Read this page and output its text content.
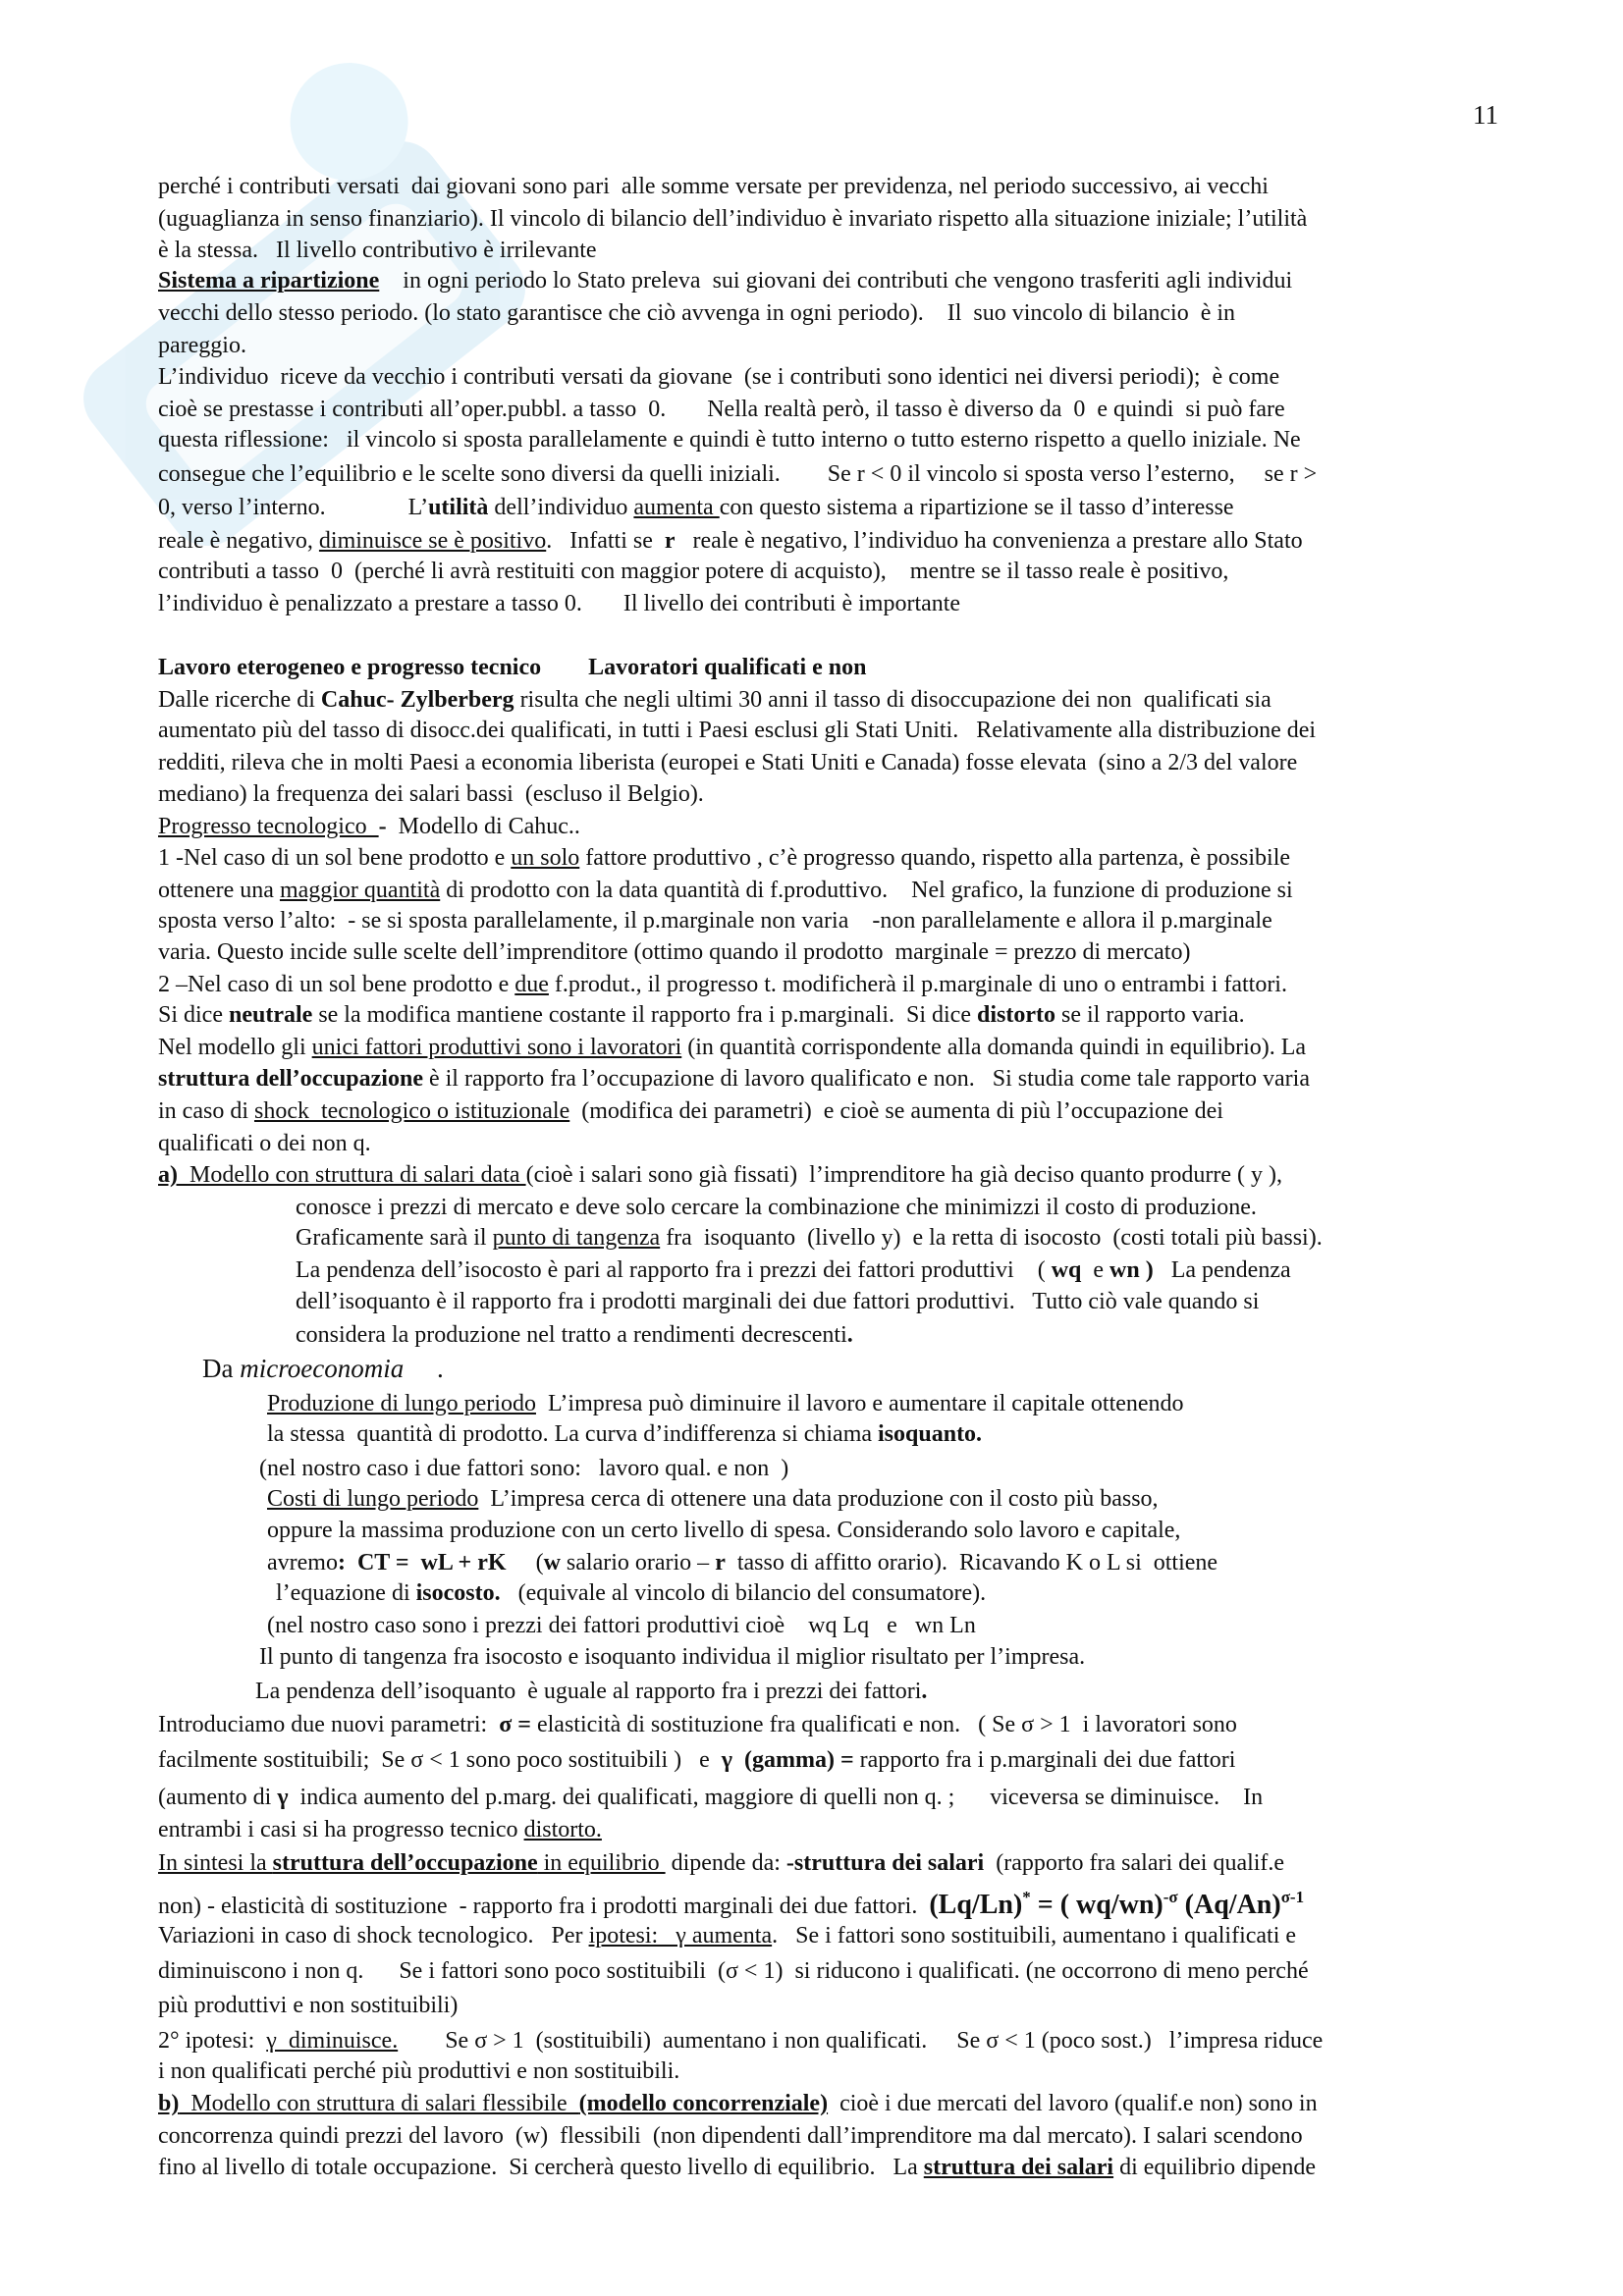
11
perché i contributi versati  dai giovani sono pari  alle somme versate per previdenza, nel periodo successivo, ai vecchi
(uguaglianza in senso finanziario). Il vincolo di bilancio dell’individuo è invariato rispetto alla situazione iniziale; l’utilità
è la stessa.   Il livello contributivo è irrilevante
Sistema a ripartizione    in ogni periodo lo Stato preleva  sui giovani dei contributi che vengono trasferiti agli individui
vecchi dello stesso periodo. (lo stato garantisce che ciò avvenga in ogni periodo).    Il  suo vincolo di bilancio  è in
pareggio.
L’individuo  riceve da vecchio i contributi versati da giovane  (se i contributi sono identici nei diversi periodi);  è come
cioè se prestasse i contributi all’oper.pubbl. a tasso  0.       Nella realtà però, il tasso è diverso da  0  e quindi  si può fare
questa riflessione:   il vincolo si sposta parallelamente e quindi è tutto interno o tutto esterno rispetto a quello iniziale. Ne
consegue che l’equilibrio e le scelte sono diversi da quelli iniziali.        Se r < 0 il vincolo si sposta verso l’esterno,     se r >
0, verso l’interno.              L’utilità dell’individuo aumenta con questo sistema a ripartizione se il tasso d’interesse
reale è negativo, diminuisce se è positivo.   Infatti se  r   reale è negativo, l’individuo ha convenienza a prestare allo Stato
contributi a tasso  0  (perché li avrà restituiti con maggior potere di acquisto),    mentre se il tasso reale è positivo,
l’individuo è penalizzato a prestare a tasso 0.       Il livello dei contributi è importante
Lavoro eterogeneo e progresso tecnico        Lavoratori qualificati e non
Dalle ricerche di Cahuc- Zylberberg risulta che negli ultimi 30 anni il tasso di disoccupazione dei non  qualificati sia
aumentato più del tasso di disocc.dei qualificati, in tutti i Paesi esclusi gli Stati Uniti.   Relativamente alla distribuzione dei
redditi, rileva che in molti Paesi a economia liberista (europei e Stati Uniti e Canada) fosse elevata  (sino a 2/3 del valore
mediano) la frequenza dei salari bassi  (escluso il Belgio).
Progresso tecnologico  -  Modello di Cahuc..
1 -Nel caso di un sol bene prodotto e un solo fattore produttivo , c’è progresso quando, rispetto alla partenza, è possibile
ottenere una maggior quantità di prodotto con la data quantità di f.produttivo.    Nel grafico, la funzione di produzione si
sposta verso l’alto:  - se si sposta parallelamente, il p.marginale non varia    -non parallelamente e allora il p.marginale
varia. Questo incide sulle scelte dell’imprenditore (ottimo quando il prodotto  marginale = prezzo di mercato)
2 –Nel caso di un sol bene prodotto e due f.produt., il progresso t. modificherà il p.marginale di uno o entrambi i fattori.
Si dice neutrale se la modifica mantiene costante il rapporto fra i p.marginali.  Si dice distorto se il rapporto varia.
Nel modello gli unici fattori produttivi sono i lavoratori (in quantità corrispondente alla domanda quindi in equilibrio). La
struttura dell’occupazione è il rapporto fra l’occupazione di lavoro qualificato e non.   Si studia come tale rapporto varia
in caso di shock  tecnologico o istituzionale  (modifica dei parametri)  e cioè se aumenta di più l’occupazione dei
qualificati o dei non q.
a)  Modello con struttura di salari data (cioè i salari sono già fissati)  l’imprenditore ha già deciso quanto produrre ( y ),
conosce i prezzi di mercato e deve solo cercare la combinazione che minimizzi il costo di produzione.
Graficamente sarà il punto di tangenza fra  isoquanto  (livello y)  e la retta di isocosto  (costi totali più bassi).
La pendenza dell’isocosto è pari al rapporto fra i prezzi dei fattori produttivi    ( wq  e wn )   La pendenza
dell’isoquanto è il rapporto fra i prodotti marginali dei due fattori produttivi.   Tutto ciò vale quando si
considera la produzione nel tratto a rendimenti decrescenti.
Da microeconomia     .
Produzione di lungo periodo  L’impresa può diminuire il lavoro e aumentare il capitale ottenendo
la stessa  quantità di prodotto. La curva d’indifferenza si chiama isoquanto.
(nel nostro caso i due fattori sono:   lavoro qual. e non  )
Costi di lungo periodo  L’impresa cerca di ottenere una data produzione con il costo più basso,
oppure la massima produzione con un certo livello di spesa. Considerando solo lavoro e capitale,
avremo:  CT =  wL + rK     (w salario orario – r  tasso di affitto orario).  Ricavando K o L si  ottiene
l’equazione di isocosto.   (equivale al vincolo di bilancio del consumatore).
(nel nostro caso sono i prezzi dei fattori produttivi cioè    wq Lq   e   wn Ln
Il punto di tangenza fra isocosto e isoquanto individua il miglior risultato per l’impresa.
La pendenza dell’isoquanto  è uguale al rapporto fra i prezzi dei fattori.
Introduciamo due nuovi parametri:  σ = elasticità di sostituzione fra qualificati e non.   ( Se σ > 1  i lavoratori sono
facilmente sostituibili;  Se σ < 1 sono poco sostituibili )   e  γ  (gamma) = rapporto fra i p.marginali dei due fattori
(aumento di γ  indica aumento del p.marg. dei qualificati, maggiore di quelli non q. ;      viceversa se diminuisce.    In
entrambi i casi si ha progresso tecnico distorto.
In sintesi la struttura dell’occupazione in equilibrio  dipende da: -struttura dei salari  (rapporto fra salari dei qualif.e
non) - elasticità di sostituzione  - rapporto fra i prodotti marginali dei due fattori.  (Lq/Ln)* = ( wq/wn)$^{-\sigma}$ $(Aq/An)^{\sigma-1}$
Variazioni in caso di shock tecnologico.   Per ipotesi:   γ aumenta.   Se i fattori sono sostituibili, aumentano i qualificati e
diminuiscono i non q.      Se i fattori sono poco sostituibili  (σ < 1)  si riducono i qualificati. (ne occorrono di meno perché
più produttivi e non sostituibili)
2° ipotesi:  γ  diminuisce.        Se σ > 1  (sostituibili)  aumentano i non qualificati.     Se σ < 1 (poco sost.)   l’impresa riduce
i non qualificati perché più produttivi e non sostituibili.
b)  Modello con struttura di salari flessibile  (modello concorrenziale)  cioè i due mercati del lavoro (qualif.e non) sono in
concorrenza quindi prezzi del lavoro  (w)  flessibili  (non dipendenti dall’imprenditore ma dal mercato). I salari scendono
fino al livello di totale occupazione.  Si cercherà questo livello di equilibrio.   La struttura dei salari di equilibrio dipende
